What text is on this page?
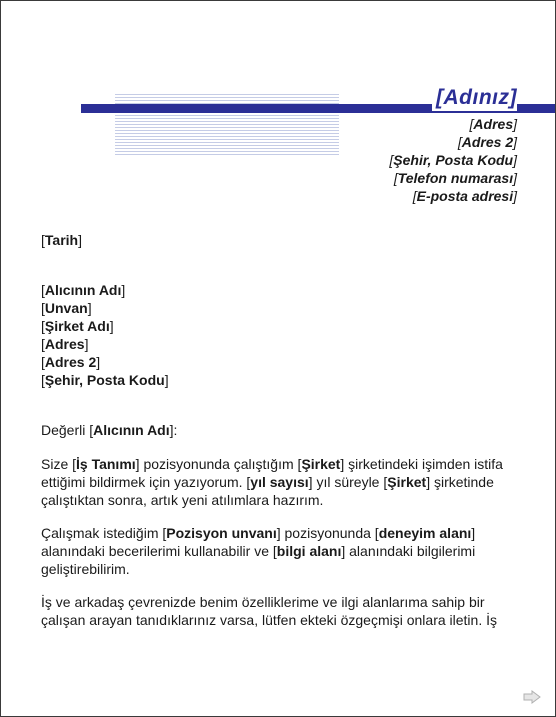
[Adınız]
[Adres]
[Adres 2]
[Şehir, Posta Kodu]
[Telefon numarası]
[E-posta adresi]
[Tarih]
[Alıcının Adı]
[Unvan]
[Şirket Adı]
[Adres]
[Adres 2]
[Şehir, Posta Kodu]
Değerli [Alıcının Adı]:
Size [İş Tanımı] pozisyonunda çalıştığım [Şirket] şirketindeki işimden istifa ettiğimi bildirmek için yazıyorum. [yıl sayısı] yıl süreyle [Şirket] şirketinde çalıştıktan sonra, artık yeni atılımlara hazırım.
Çalışmak istediğim [Pozisyon unvanı] pozisyonunda [deneyim alanı] alanındaki becerilerimi kullanabilir ve [bilgi alanı] alanındaki bilgilerimi geliştirebilirim.
İş ve arkadaş çevrenizde benim özelliklerime ve ilgi alanlarıma sahip bir çalışan arayan tanıdıklarınız varsa, lütfen ekteki özgeçmişi onlara iletin. İş
